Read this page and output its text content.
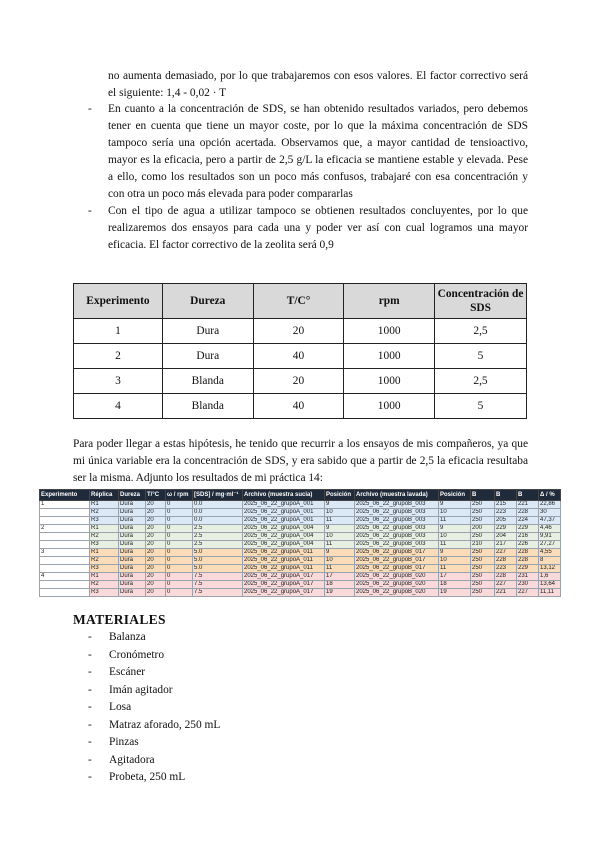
no aumenta demasiado, por lo que trabajaremos con esos valores. El factor correctivo será el siguiente: 1,4 - 0,02 · T
- En cuanto a la concentración de SDS, se han obtenido resultados variados, pero debemos tener en cuenta que tiene un mayor coste, por lo que la máxima concentración de SDS tampoco sería una opción acertada. Observamos que, a mayor cantidad de tensioactivo, mayor es la eficacia, pero a partir de 2,5 g/L la eficacia se mantiene estable y elevada. Pese a ello, como los resultados son un poco más confusos, trabajaré con esa concentración y con otra un poco más elevada para poder compararlas
- Con el tipo de agua a utilizar tampoco se obtienen resultados concluyentes, por lo que realizaremos dos ensayos para cada una y poder ver así con cual logramos una mayor eficacia. El factor correctivo de la zeolita será 0,9
Experimento	Dureza	T/C°	rpm	Concentración de SDS
1	Dura	20	1000	2,5
2	Dura	40	1000	5
3	Blanda	20	1000	2,5
4	Blanda	40	1000	5
Para poder llegar a estas hipótesis, he tenido que recurrir a los ensayos de mis compañeros, ya que mi única variable era la concentración de SDS, y era sabido que a partir de 2,5 la eficacia resultaba ser la misma. Adjunto los resultados de mi práctica 14:
Experimento	Réplica	Dureza	T/°C	ω / rpm	[SDS] / mg·ml⁻¹	Archivo (muestra sucia)	Posición	Archivo (muestra lavada)	Posición	B	B	B	Δ / %
1	R1	Dura	20	0	0.0	2025_06_22_grupoA_001	9	2025_06_22_grupoB_003	9	250	215	221	22,86
	R2	Dura	20	0	0.0	2025_06_22_grupoA_001	10	2025_06_22_grupoB_003	10	250	223	228	30
	R3	Dura	20	0	0.0	2025_06_22_grupoA_001	11	2025_06_22_grupoB_003	11	250	205	224	47,37
2	R1	Dura	20	0	2.5	2025_06_22_grupoA_004	9	2025_06_22_grupoB_003	9	200	229	229	4,46
	R2	Dura	20	0	2.5	2025_06_22_grupoA_004	10	2025_06_22_grupoB_003	10	250	204	216	9,91
	R3	Dura	20	0	2.5	2025_06_22_grupoA_004	11	2025_06_22_grupoB_003	11	210	217	226	27,27
3	R1	Dura	20	0	5.0	2025_06_22_grupoA_011	9	2025_06_22_grupoB_017	9	250	227	228	4,55
	R2	Dura	20	0	5.0	2025_06_22_grupoA_011	10	2025_06_22_grupoB_017	10	250	228	228	8
	R3	Dura	20	0	5.0	2025_06_22_grupoA_011	11	2025_06_22_grupoB_017	11	250	223	229	13,12
4	R1	Dura	20	0	7.5	2025_06_22_grupoA_017	17	2025_06_22_grupoB_020	17	250	228	231	1,6
	R2	Dura	20	0	7.5	2025_06_22_grupoA_017	18	2025_06_22_grupoB_020	18	250	227	230	13,64
	R3	Dura	20	0	7.5	2025_06_22_grupoA_017	19	2025_06_22_grupoB_020	19	250	221	227	11,11
MATERIALES
- Balanza
- Cronómetro
- Escáner
- Imán agitador
- Losa
- Matraz aforado, 250 mL
- Pinzas
- Agitadora
- Probeta, 250 mL
